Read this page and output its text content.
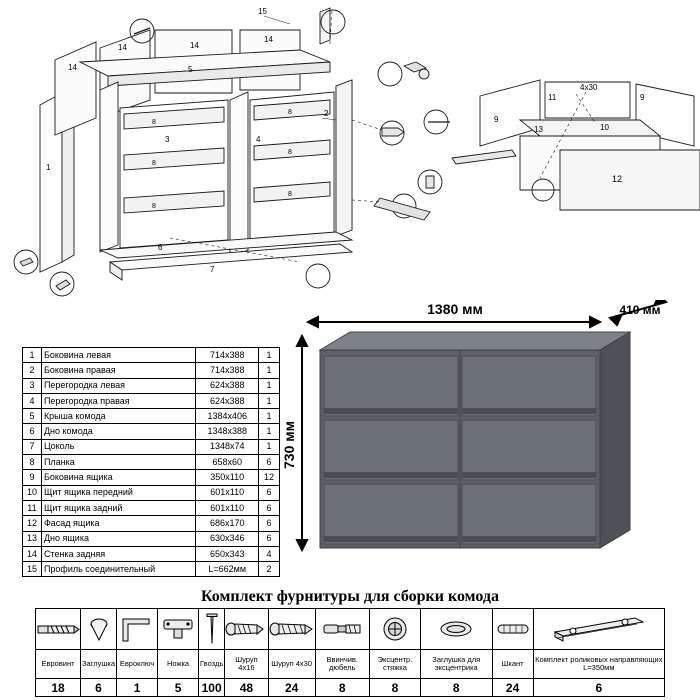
1
14
14	14
14
15
5
3
8
8
8
4
8
8
8
2
6
7
9
11	9
13
12
10
4x30
1	Боковина левая	714x388	1
2	Боковина правая	714x388	1
3	Перегородка левая	624x388	1
4	Перегородка правая	624x388	1
5	Крыша комода	1384x406	1
6	Дно комода	1348x388	1
7	Цоколь	1348x74	1
8	Планка	658x60	6
9	Боковина ящика	350x110	12
10	Щит ящика передний	601x110	6
11	Щит ящика задний	601x110	6
12	Фасад ящика	686x170	6
13	Дно ящика	630x346	6
14	Стенка задняя	650x343	4
15	Профиль соединительный	L=662мм	2
1380 мм	410 мм
730 мм
Комплект фурнитуры для сборки комода

Евровинт	Заглушка	Евроключ	Ножка	Гвоздь	Шуруп 4x16	Шуруп 4x30	Ввинчив. дюбель	Эксцентр. стяжка	Заглушка для эксцентрика	Шкант	Комплект роликовых направляющих L=350мм
18	6	1	5	100	48	24	8	8	8	24	6
